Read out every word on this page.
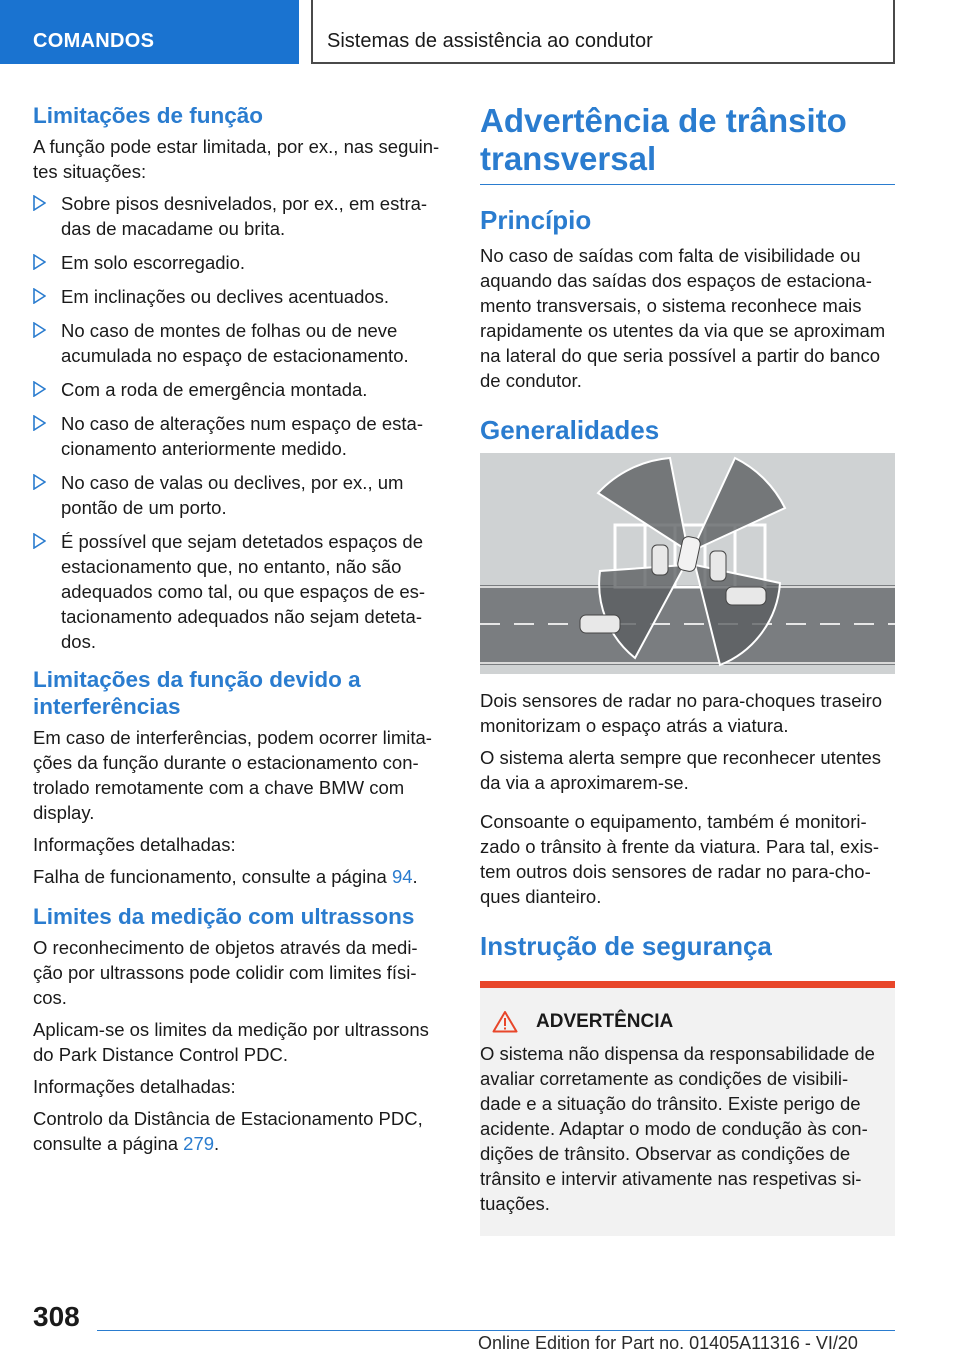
COMANDOS	Sistemas de assistência ao condutor
Limitações de função
A função pode estar limitada, por ex., nas seguin-tes situações:
Sobre pisos desnivelados, por ex., em estra-das de macadame ou brita.
Em solo escorregadio.
Em inclinações ou declives acentuados.
No caso de montes de folhas ou de neve acumulada no espaço de estacionamento.
Com a roda de emergência montada.
No caso de alterações num espaço de esta-cionamento anteriormente medido.
No caso de valas ou declives, por ex., um pontão de um porto.
É possível que sejam detetados espaços de estacionamento que, no entanto, não são adequados como tal, ou que espaços de es-tacionamento adequados não sejam deteta-dos.
Limitações da função devido a interferências
Em caso de interferências, podem ocorrer limita-ções da função durante o estacionamento con-trolado remotamente com a chave BMW com display.
Informações detalhadas:
Falha de funcionamento, consulte a página 94.
Limites da medição com ultrassons
O reconhecimento de objetos através da medi-ção por ultrassons pode colidir com limites físi-cos.
Aplicam-se os limites da medição por ultrassons do Park Distance Control PDC.
Informações detalhadas:
Controlo da Distância de Estacionamento PDC, consulte a página 279.
Advertência de trânsito transversal
Princípio
No caso de saídas com falta de visibilidade ou aquando das saídas dos espaços de estaciona-mento transversais, o sistema reconhece mais rapidamente os utentes da via que se aproximam na lateral do que seria possível a partir do banco de condutor.
Generalidades
Dois sensores de radar no para-choques traseiro monitorizam o espaço atrás a viatura.
O sistema alerta sempre que reconhecer utentes da via a aproximarem-se.
Consoante o equipamento, também é monitori-zado o trânsito à frente da viatura. Para tal, exis-tem outros dois sensores de radar no para-cho-ques dianteiro.
Instrução de segurança
ADVERTÊNCIA
O sistema não dispensa da responsabilidade de avaliar corretamente as condições de visibili-dade e a situação do trânsito. Existe perigo de acidente. Adaptar o modo de condução às con-dições de trânsito. Observar as condições de trânsito e intervir ativamente nas respetivas si-tuações.
308
Online Edition for Part no. 01405A11316 - VI/20
